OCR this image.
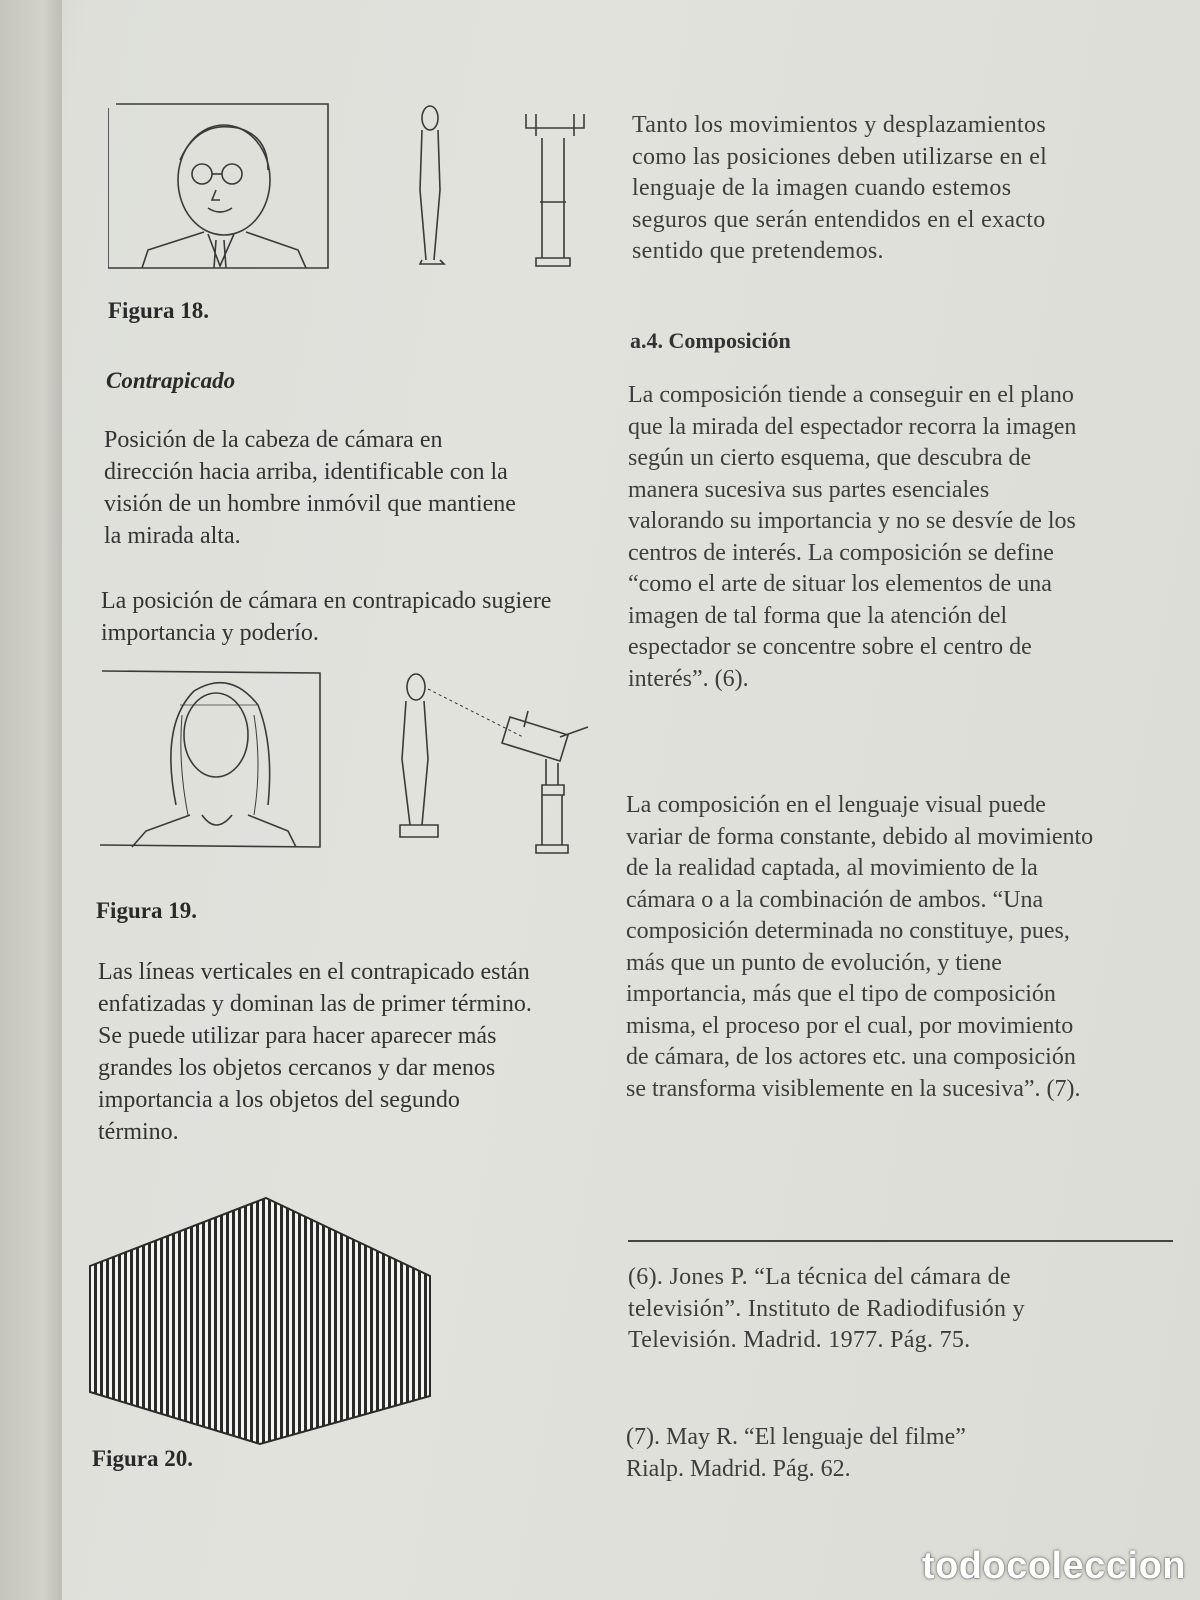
Figura 18.
Contrapicado

Posición de la cabeza de cámara en dirección hacia arriba, identificable con la visión de un hombre inmóvil que mantiene la mirada alta.

La posición de cámara en contrapicado sugiere importancia y poderío.

Figura 19.

Las líneas verticales en el contrapicado están enfatizadas y dominan las de primer término. Se puede utilizar para hacer aparecer más grandes los objetos cercanos y dar menos importancia a los objetos del segundo término.

Figura 20.

Tanto los movimientos y desplazamientos como las posiciones deben utilizarse en el lenguaje de la imagen cuando estemos seguros que serán entendidos en el exacto sentido que pretendemos.

a.4. Composición

La composición tiende a conseguir en el plano que la mirada del espectador recorra la imagen según un cierto esquema, que descubra de manera sucesiva sus partes esenciales valorando su importancia y no se desvíe de los centros de interés. La composición se define “como el arte de situar los elementos de una imagen de tal forma que la atención del espectador se concentre sobre el centro de interés”. (6).

La composición en el lenguaje visual puede variar de forma constante, debido al movimiento de la realidad captada, al movimiento de la cámara o a la combinación de ambos. “Una composición determinada no constituye, pues, más que un punto de evolución, y tiene importancia, más que el tipo de composición misma, el proceso por el cual, por movimiento de cámara, de los actores etc. una composición se transforma visiblemente en la sucesiva”. (7).

(6). Jones P. “La técnica del cámara de televisión”. Instituto de Radiodifusión y Televisión. Madrid. 1977. Pág. 75.

(7). May R. “El lenguaje del filme” Rialp. Madrid. Pág. 62.

todocoleccion
